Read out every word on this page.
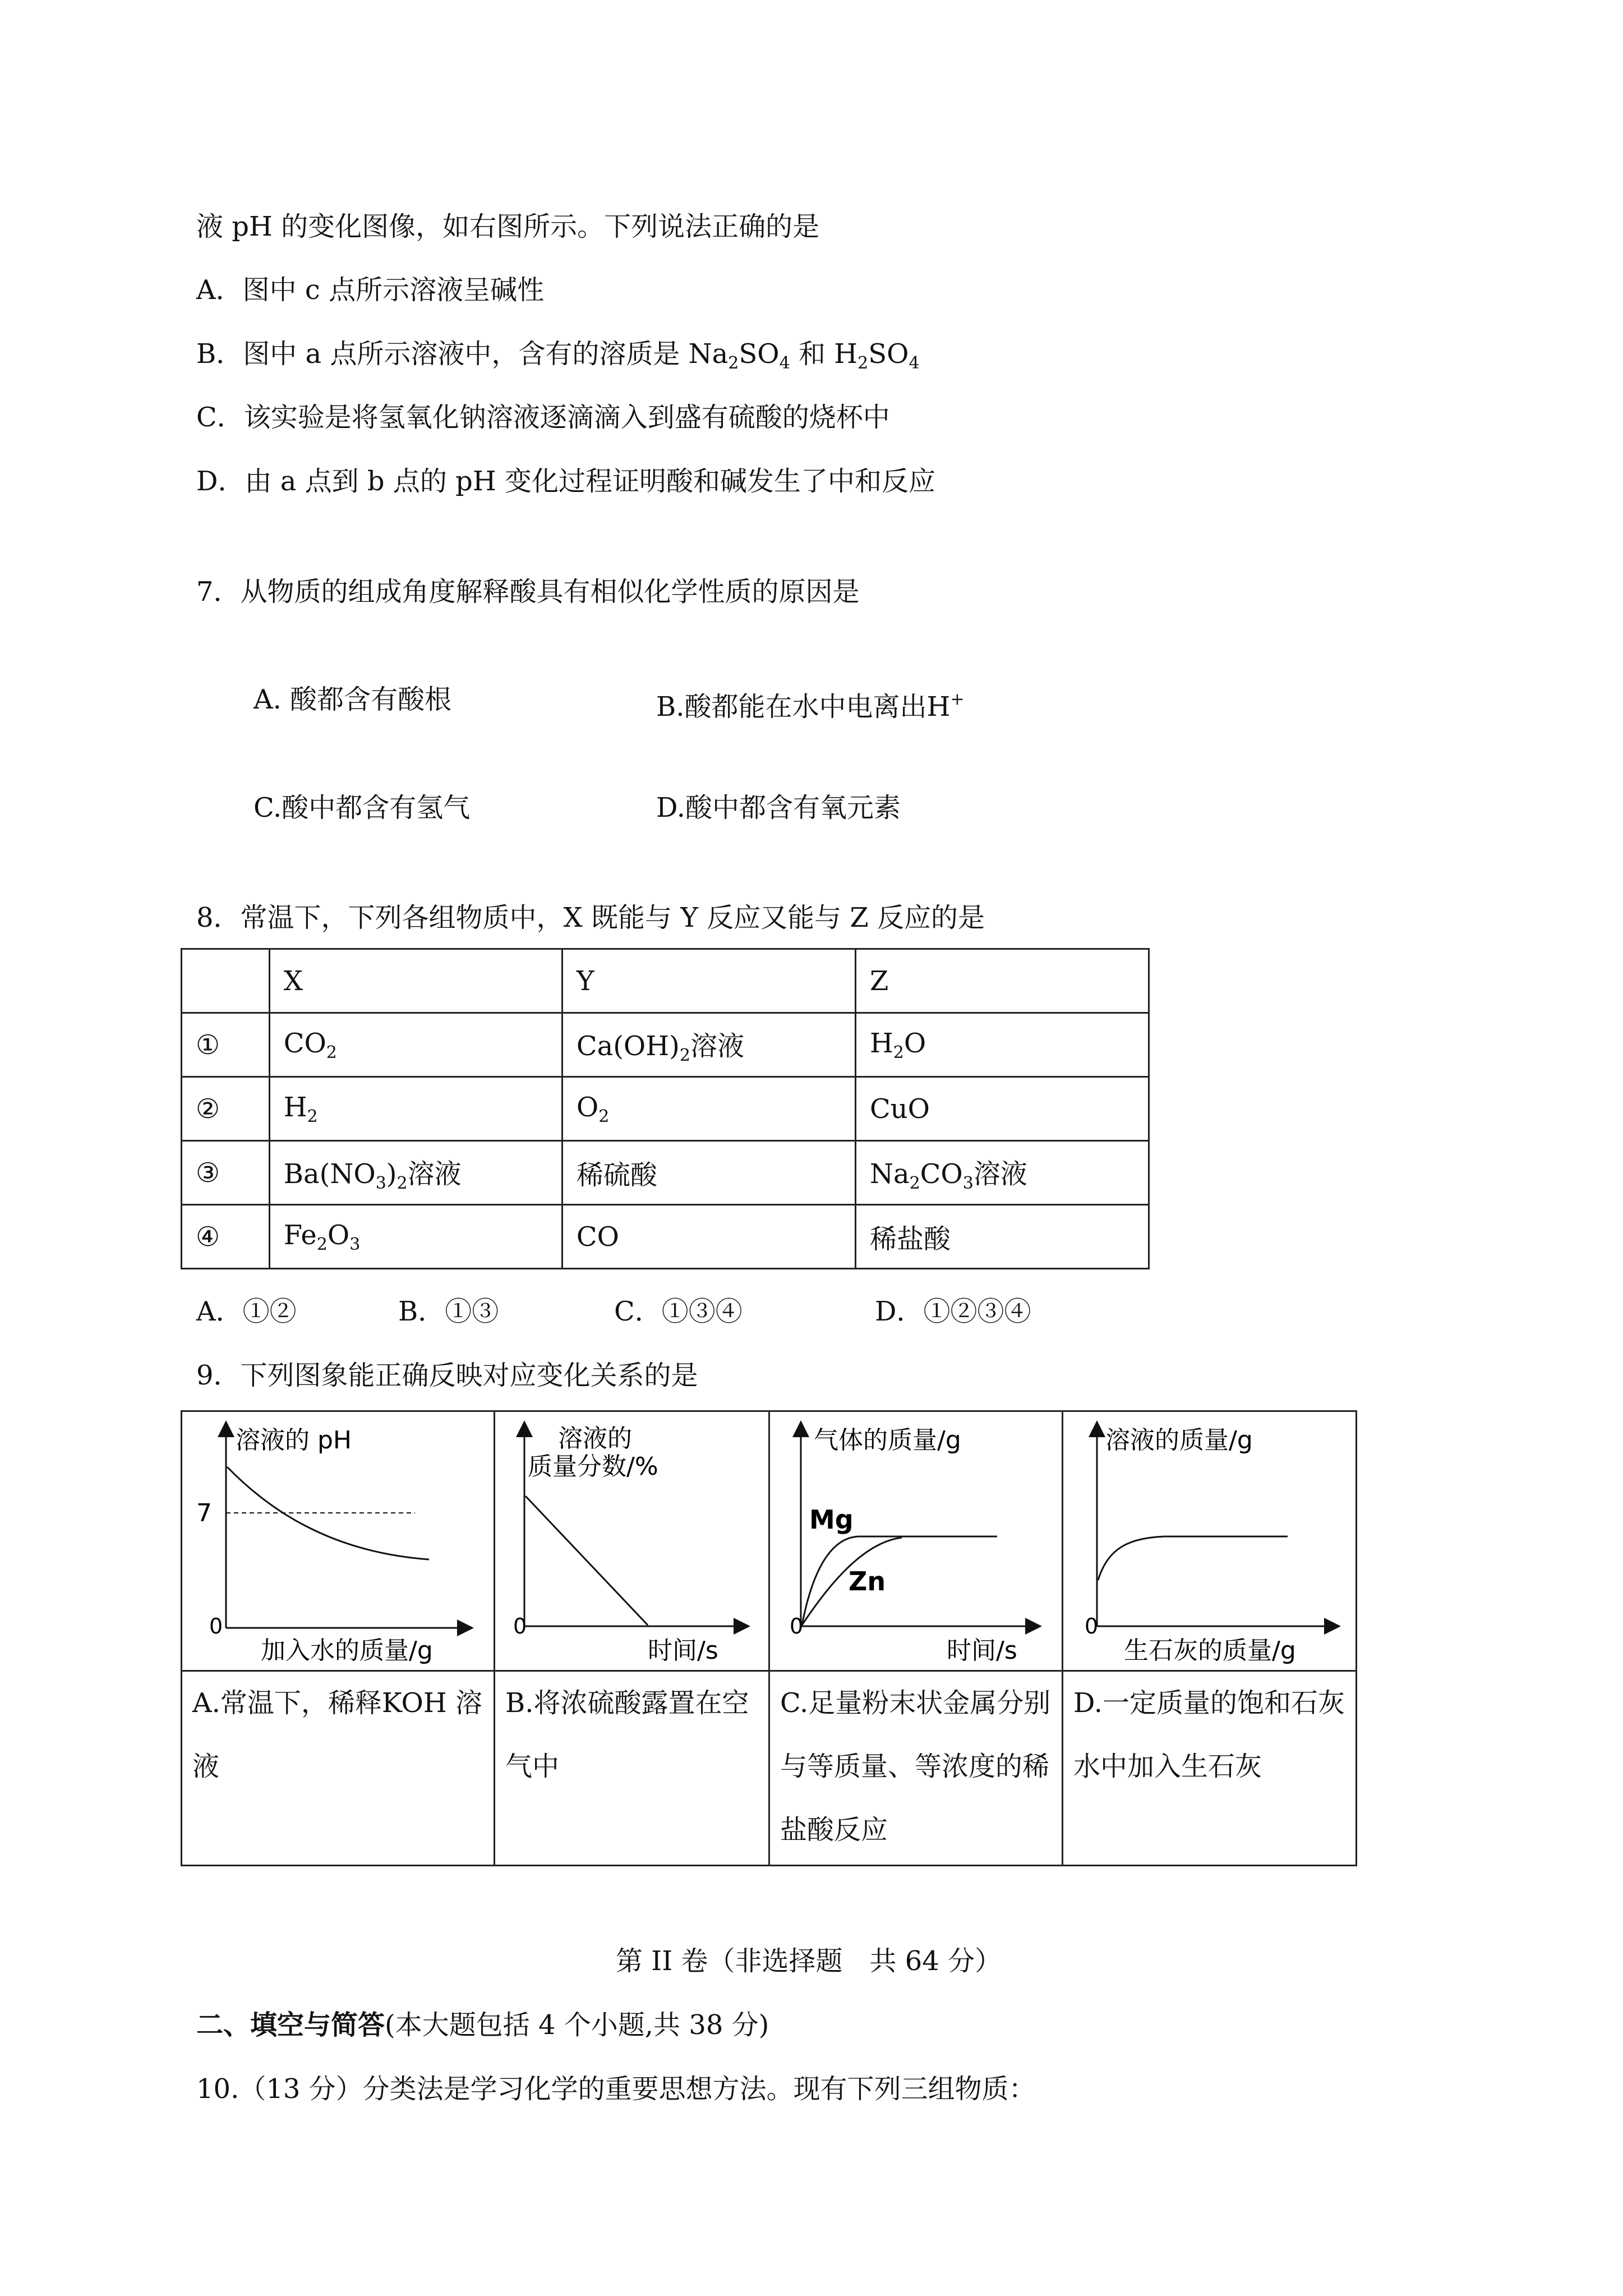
液 pH 的变化图像，如右图所示。下列说法正确的是
A．图中 c 点所示溶液呈碱性
B．图中 a 点所示溶液中，含有的溶质是 $Na_2SO_4$ 和 $H_2SO_4$
C．该实验是将氢氧化钠溶液逐滴滴入到盛有硫酸的烧杯中
D．由 a 点到 b 点的 pH 变化过程证明酸和碱发生了中和反应
7．从物质的组成角度解释酸具有相似化学性质的原因是
A. 酸都含有酸根	B.酸都能在水中电离出H+
C.酸中都含有氢气	D.酸中都含有氧元素
8．常温下，下列各组物质中，X 既能与 Y 反应又能与 Z 反应的是
	X	Y	Z
①	$CO_2$	$Ca(OH)_2$溶液	$H_2O$
②	$H_2$	$O_2$	CuO
③	$Ba(NO_3)_2$溶液	稀硫酸	$Na_2CO_3$溶液
④	$Fe_2O_3$	CO	稀盐酸
A．①②	B．①③	C．①③④	D．①②③④
9．下列图象能正确反映对应变化关系的是
溶液的 pH
7
0
加入水的质量/g
溶液的
质量分数/%
0
时间/s
气体的质量/g
Mg
Zn
0
时间/s
溶液的质量/g
0
生石灰的质量/g
A.常温下，稀释KOH 溶液
B.将浓硫酸露置在空气中
C.足量粉末状金属分别与等质量、等浓度的稀盐酸反应
D.一定质量的饱和石灰水中加入生石灰
第 II 卷（非选择题　共 64 分）
二、填空与简答(本大题包括 4 个小题,共 38 分)
10.（13 分）分类法是学习化学的重要思想方法。现有下列三组物质：
